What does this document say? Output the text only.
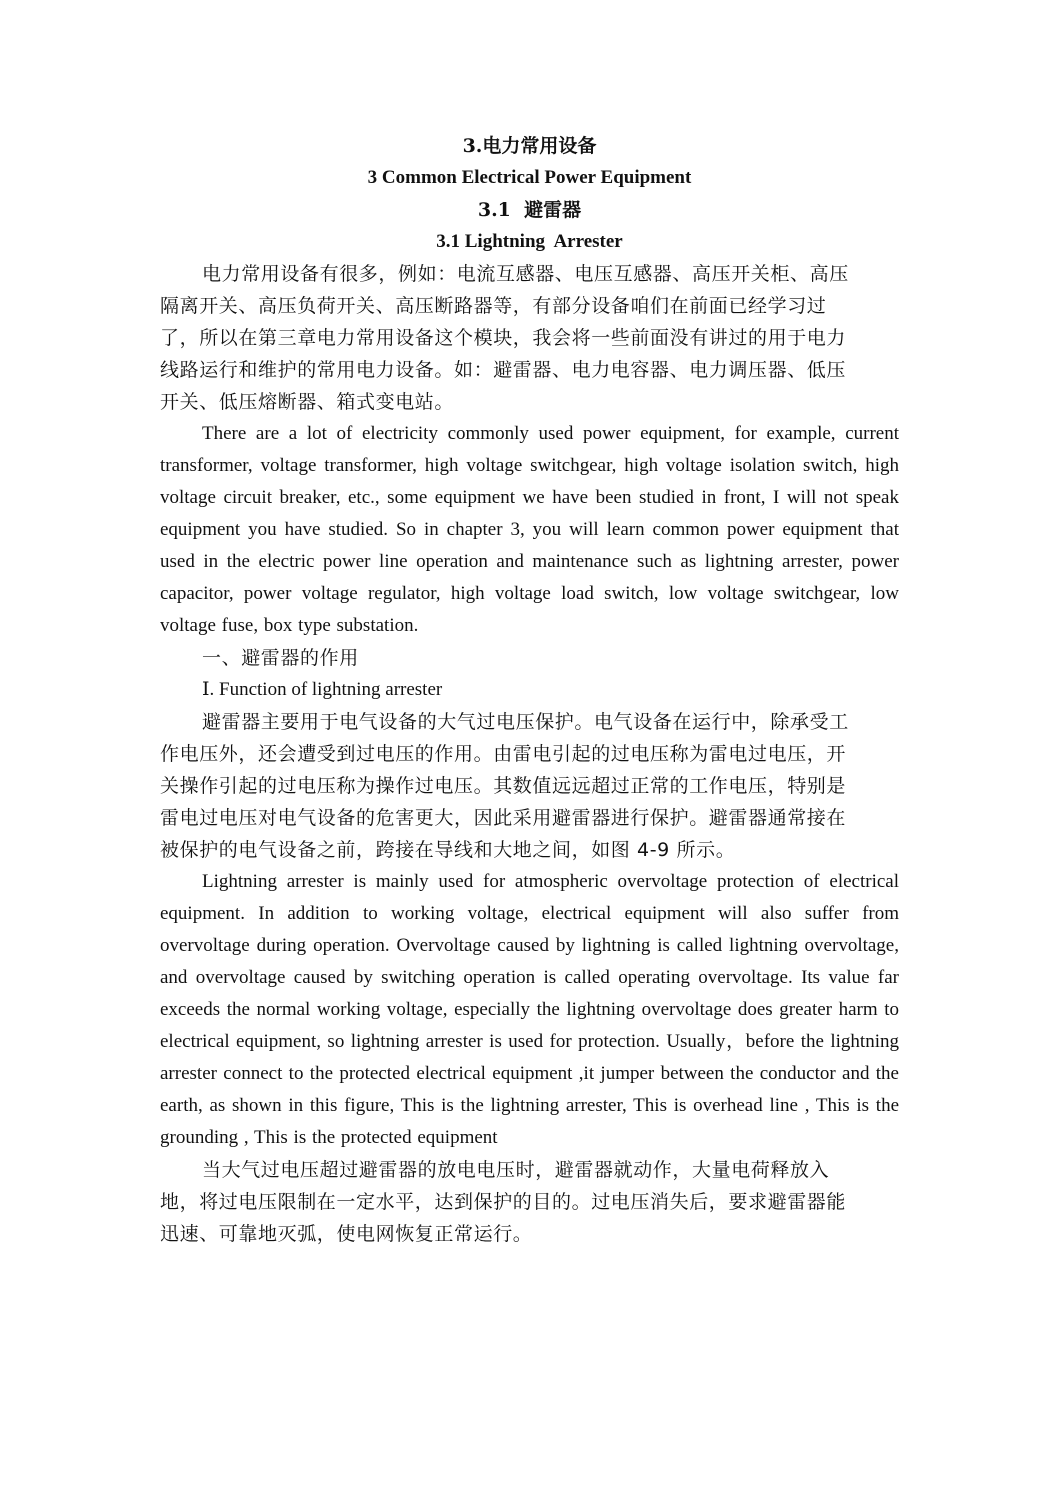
3.电力常用设备
3 Common Electrical Power Equipment
3.1  避雷器
3.1 Lightning  Arrester

电力常用设备有很多，例如：电流互感器、电压互感器、高压开关柜、高压隔离开关、高压负荷开关、高压断路器等，有部分设备咱们在前面已经学习过了，所以在第三章电力常用设备这个模块，我会将一些前面没有讲过的用于电力线路运行和维护的常用电力设备。如：避雷器、电力电容器、电力调压器、低压开关、低压熔断器、箱式变电站。

There are a lot of electricity commonly used power equipment, for example, current transformer, voltage transformer, high voltage switchgear, high voltage isolation switch, high voltage circuit breaker, etc., some equipment we have been studied in front, I will not speak equipment you have studied. So in chapter 3, you will learn common power equipment that used in the electric power line operation and maintenance such as lightning arrester, power capacitor, power voltage regulator, high voltage load switch, low voltage switchgear, low voltage fuse, box type substation.

一、避雷器的作用

Ⅰ. Function of lightning arrester

避雷器主要用于电气设备的大气过电压保护。电气设备在运行中，除承受工作电压外，还会遭受到过电压的作用。由雷电引起的过电压称为雷电过电压，开关操作引起的过电压称为操作过电压。其数值远远超过正常的工作电压，特别是雷电过电压对电气设备的危害更大，因此采用避雷器进行保护。避雷器通常接在被保护的电气设备之前，跨接在导线和大地之间，如图 4-9 所示。

Lightning arrester is mainly used for atmospheric overvoltage protection of electrical equipment. In addition to working voltage, electrical equipment will also suffer from overvoltage during operation. Overvoltage caused by lightning is called lightning overvoltage, and overvoltage caused by switching operation is called operating overvoltage. Its value far exceeds the normal working voltage, especially the lightning overvoltage does greater harm to electrical equipment, so lightning arrester is used for protection. Usually，before the lightning arrester connect to the protected electrical equipment ,it jumper between the conductor and the earth, as shown in this figure, This is the lightning arrester, This is overhead line , This is the grounding , This is the protected equipment

当大气过电压超过避雷器的放电电压时，避雷器就动作，大量电荷释放入地，将过电压限制在一定水平，达到保护的目的。过电压消失后，要求避雷器能迅速、可靠地灭弧，使电网恢复正常运行。
